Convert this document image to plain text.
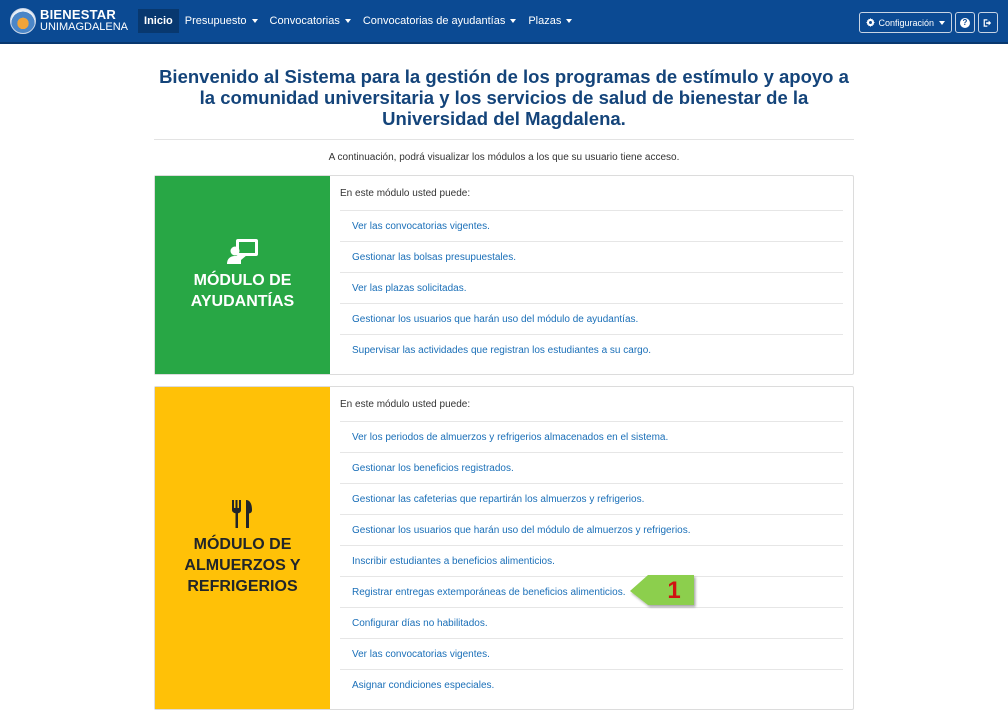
BIENESTAR
UNIMAGDALENA	Inicio	Presupuesto	Convocatorias	Convocatorias de ayudantías	Plazas	Configuración	?
Bienvenido al Sistema para la gestión de los programas de estímulo y apoyo a la comunidad universitaria y los servicios de salud de bienestar de la Universidad del Magdalena.
A continuación, podrá visualizar los módulos a los que su usuario tiene acceso.
MÓDULO DE
AYUDANTÍAS
En este módulo usted puede:
Ver las convocatorias vigentes.
Gestionar las bolsas presupuestales.
Ver las plazas solicitadas.
Gestionar los usuarios que harán uso del módulo de ayudantías.
Supervisar las actividades que registran los estudiantes a su cargo.
MÓDULO DE
ALMUERZOS Y
REFRIGERIOS
En este módulo usted puede:
Ver los periodos de almuerzos y refrigerios almacenados en el sistema.
Gestionar los beneficios registrados.
Gestionar las cafeterias que repartirán los almuerzos y refrigerios.
Gestionar los usuarios que harán uso del módulo de almuerzos y refrigerios.
Inscribir estudiantes a beneficios alimenticios.
Registrar entregas extemporáneas de beneficios alimenticios.
Configurar días no habilitados.
Ver las convocatorias vigentes.
Asignar condiciones especiales.
1
